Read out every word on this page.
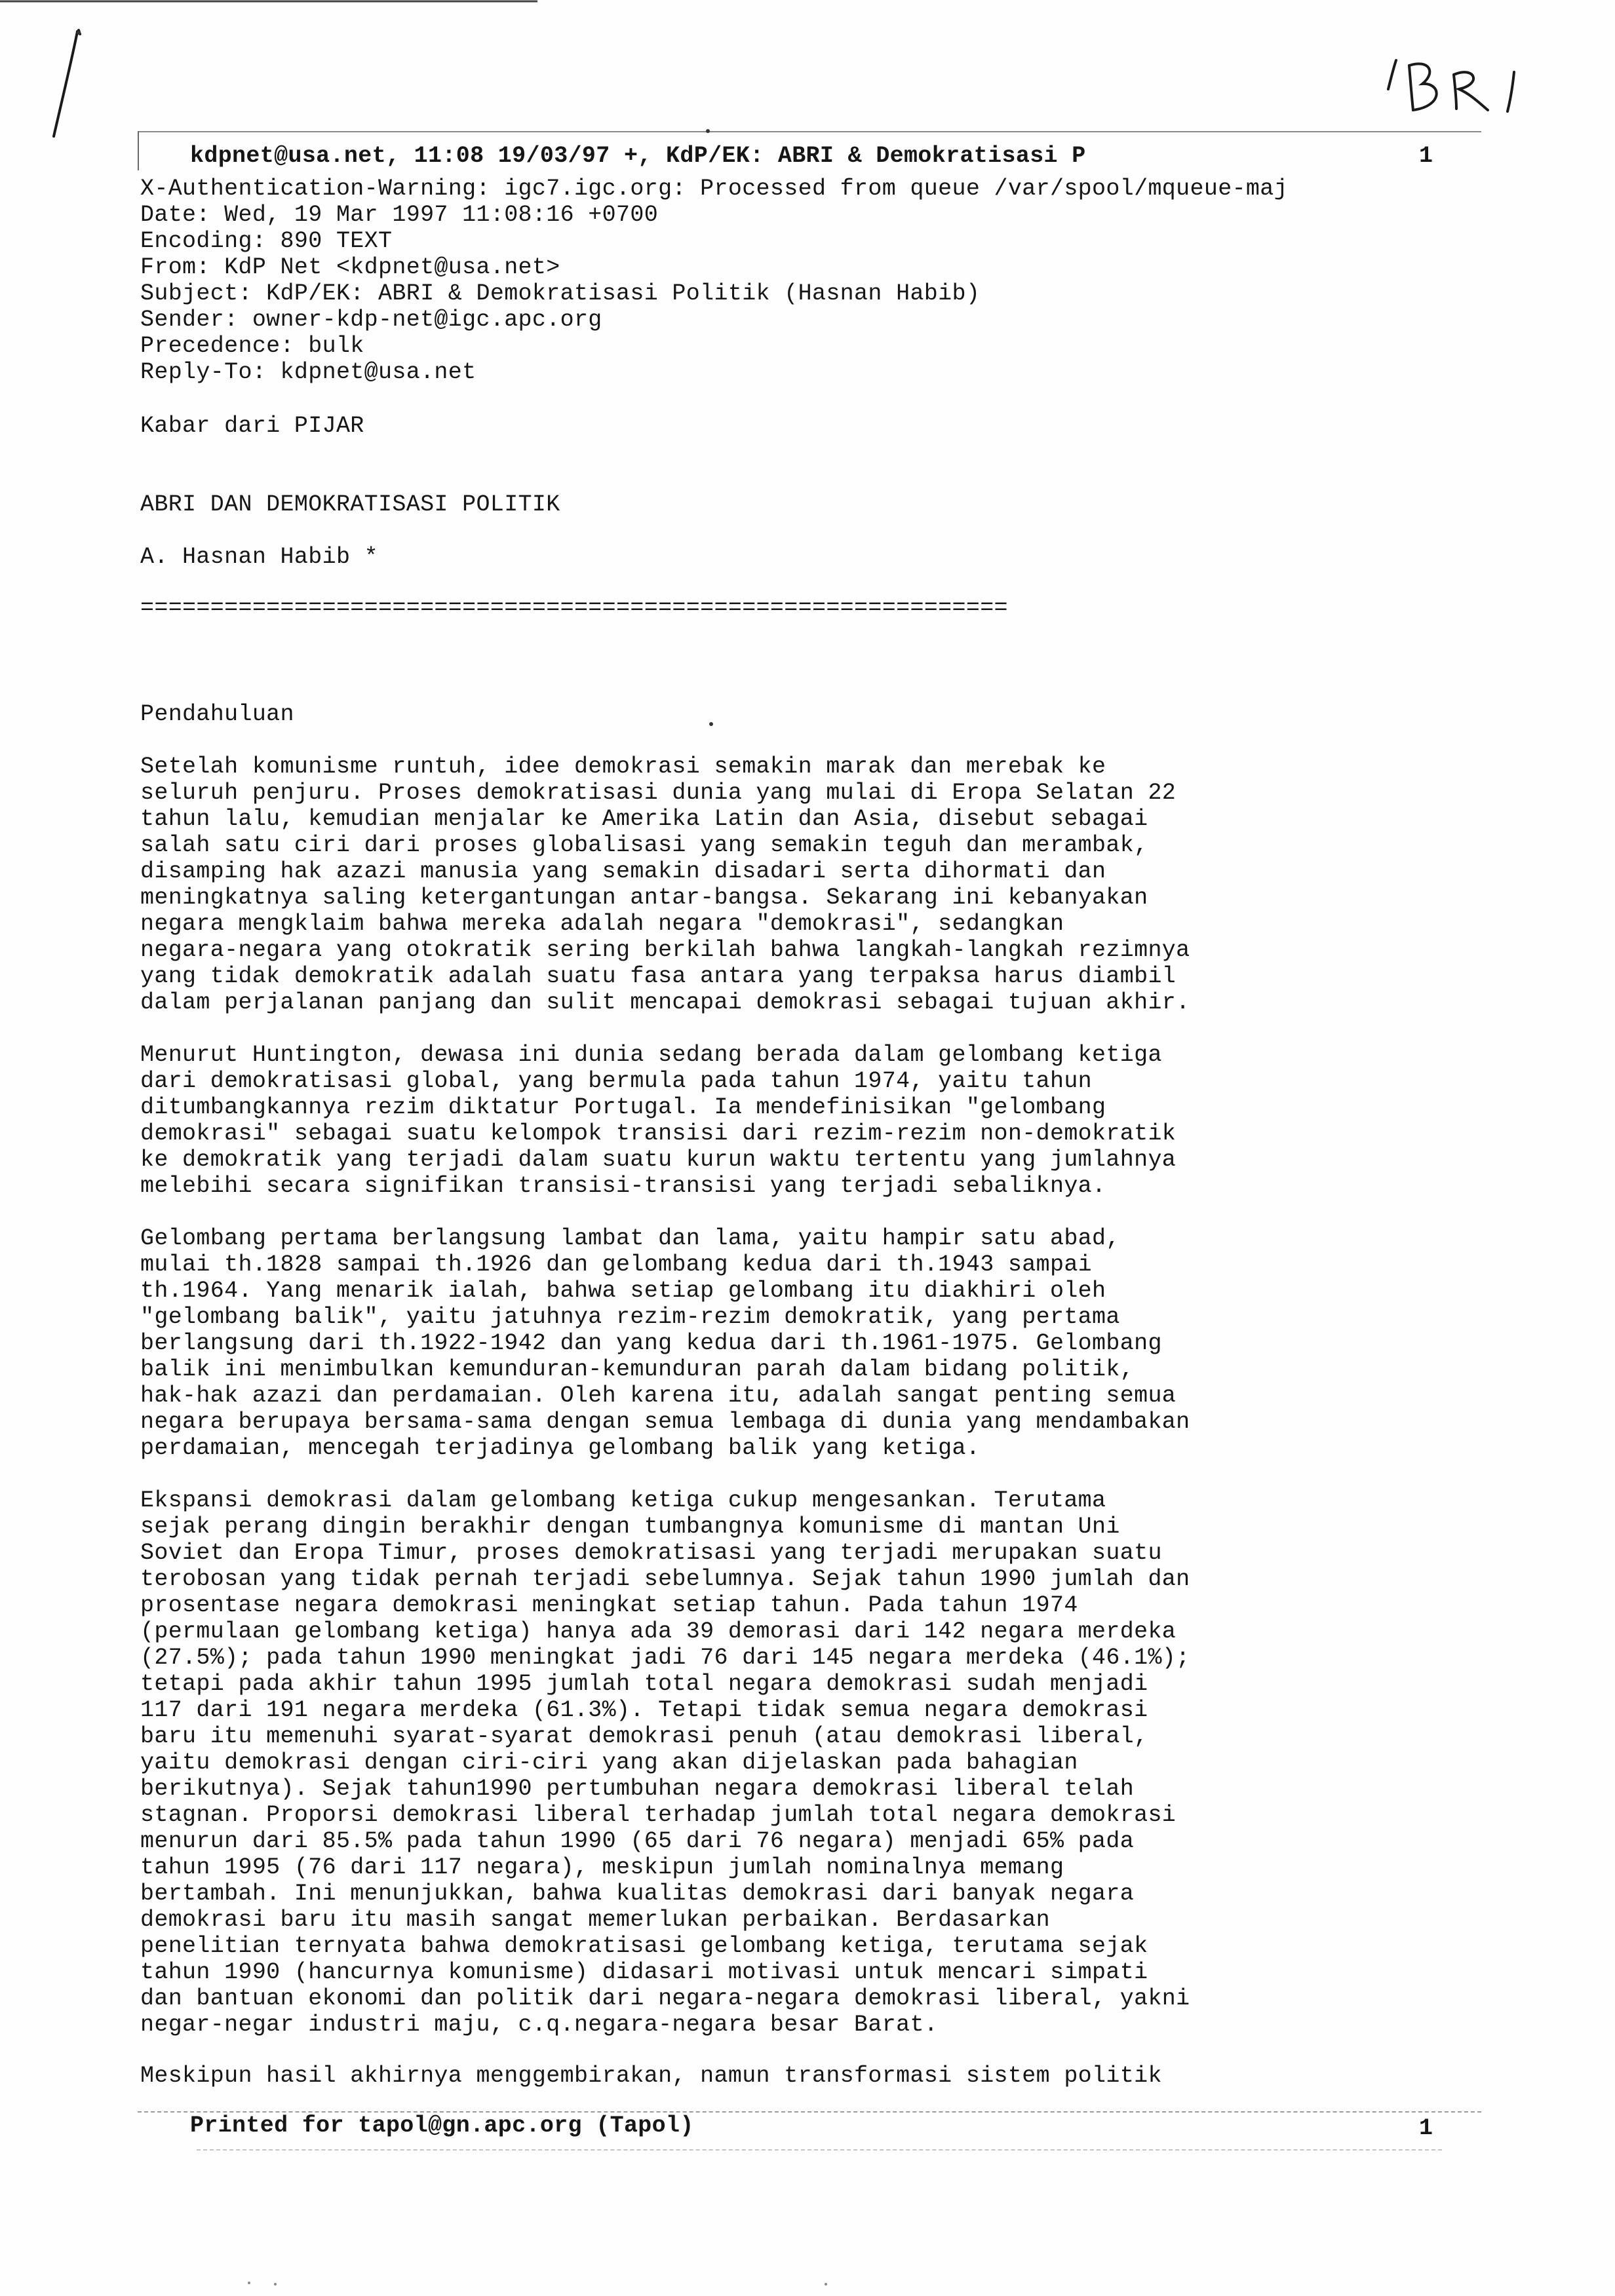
kdpnet@usa.net, 11:08 19/03/97 +, KdP/EK: ABRI & Demokratisasi P	1
X-Authentication-Warning: igc7.igc.org: Processed from queue /var/spool/mqueue-maj
Date: Wed, 19 Mar 1997 11:08:16 +0700
Encoding: 890 TEXT
From: KdP Net <kdpnet@usa.net>
Subject: KdP/EK: ABRI & Demokratisasi Politik (Hasnan Habib)
Sender: owner-kdp-net@igc.apc.org
Precedence: bulk
Reply-To: kdpnet@usa.net
Kabar dari PIJAR
ABRI DAN DEMOKRATISASI POLITIK
A. Hasnan Habib *
==============================================================
Pendahuluan
Setelah komunisme runtuh, idee demokrasi semakin marak dan merebak ke
seluruh penjuru. Proses demokratisasi dunia yang mulai di Eropa Selatan 22
tahun lalu, kemudian menjalar ke Amerika Latin dan Asia, disebut sebagai
salah satu ciri dari proses globalisasi yang semakin teguh dan merambak,
disamping hak azazi manusia yang semakin disadari serta dihormati dan
meningkatnya saling ketergantungan antar-bangsa. Sekarang ini kebanyakan
negara mengklaim bahwa mereka adalah negara "demokrasi", sedangkan
negara-negara yang otokratik sering berkilah bahwa langkah-langkah rezimnya
yang tidak demokratik adalah suatu fasa antara yang terpaksa harus diambil
dalam perjalanan panjang dan sulit mencapai demokrasi sebagai tujuan akhir.
Menurut Huntington, dewasa ini dunia sedang berada dalam gelombang ketiga
dari demokratisasi global, yang bermula pada tahun 1974, yaitu tahun
ditumbangkannya rezim diktatur Portugal. Ia mendefinisikan "gelombang
demokrasi" sebagai suatu kelompok transisi dari rezim-rezim non-demokratik
ke demokratik yang terjadi dalam suatu kurun waktu tertentu yang jumlahnya
melebihi secara signifikan transisi-transisi yang terjadi sebaliknya.
Gelombang pertama berlangsung lambat dan lama, yaitu hampir satu abad,
mulai th.1828 sampai th.1926 dan gelombang kedua dari th.1943 sampai
th.1964. Yang menarik ialah, bahwa setiap gelombang itu diakhiri oleh
"gelombang balik", yaitu jatuhnya rezim-rezim demokratik, yang pertama
berlangsung dari th.1922-1942 dan yang kedua dari th.1961-1975. Gelombang
balik ini menimbulkan kemunduran-kemunduran parah dalam bidang politik,
hak-hak azazi dan perdamaian. Oleh karena itu, adalah sangat penting semua
negara berupaya bersama-sama dengan semua lembaga di dunia yang mendambakan
perdamaian, mencegah terjadinya gelombang balik yang ketiga.
Ekspansi demokrasi dalam gelombang ketiga cukup mengesankan. Terutama
sejak perang dingin berakhir dengan tumbangnya komunisme di mantan Uni
Soviet dan Eropa Timur, proses demokratisasi yang terjadi merupakan suatu
terobosan yang tidak pernah terjadi sebelumnya. Sejak tahun 1990 jumlah dan
prosentase negara demokrasi meningkat setiap tahun. Pada tahun 1974
(permulaan gelombang ketiga) hanya ada 39 demorasi dari 142 negara merdeka
(27.5%); pada tahun 1990 meningkat jadi 76 dari 145 negara merdeka (46.1%);
tetapi pada akhir tahun 1995 jumlah total negara demokrasi sudah menjadi
117 dari 191 negara merdeka (61.3%). Tetapi tidak semua negara demokrasi
baru itu memenuhi syarat-syarat demokrasi penuh (atau demokrasi liberal,
yaitu demokrasi dengan ciri-ciri yang akan dijelaskan pada bahagian
berikutnya). Sejak tahun1990 pertumbuhan negara demokrasi liberal telah
stagnan. Proporsi demokrasi liberal terhadap jumlah total negara demokrasi
menurun dari 85.5% pada tahun 1990 (65 dari 76 negara) menjadi 65% pada
tahun 1995 (76 dari 117 negara), meskipun jumlah nominalnya memang
bertambah. Ini menunjukkan, bahwa kualitas demokrasi dari banyak negara
demokrasi baru itu masih sangat memerlukan perbaikan. Berdasarkan
penelitian ternyata bahwa demokratisasi gelombang ketiga, terutama sejak
tahun 1990 (hancurnya komunisme) didasari motivasi untuk mencari simpati
dan bantuan ekonomi dan politik dari negara-negara demokrasi liberal, yakni
negar-negar industri maju, c.q.negara-negara besar Barat.
Meskipun hasil akhirnya menggembirakan, namun transformasi sistem politik
Printed for tapol@gn.apc.org (Tapol)	1
